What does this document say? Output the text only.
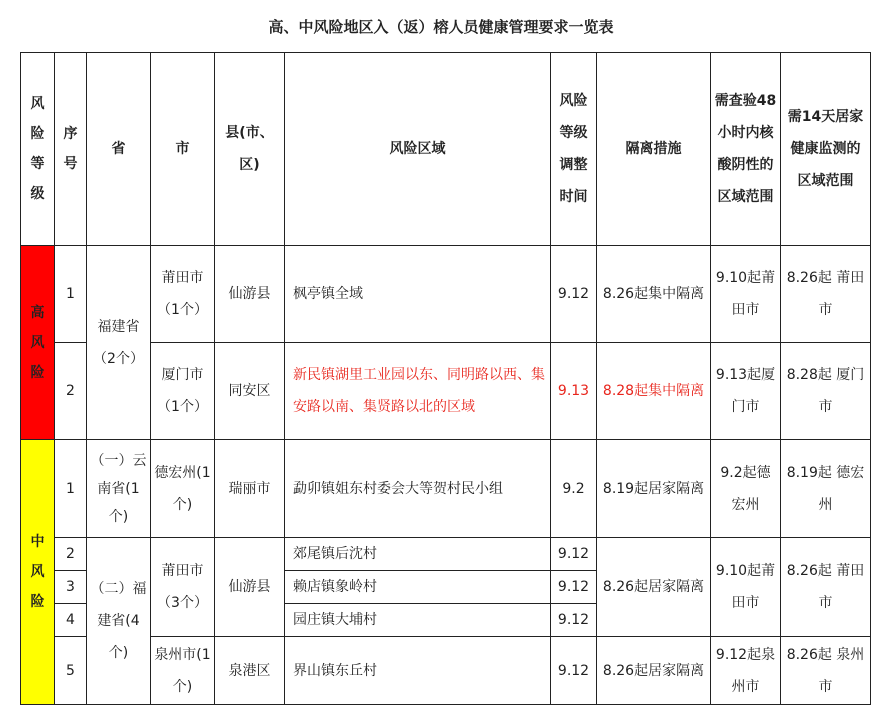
高、中风险地区入（返）榕人员健康管理要求一览表
风险等级	序号	省	市	县(市、区)	风险区域	风险等级调整时间	隔离措施	需查验48小时内核酸阴性的区域范围	需14天居家健康监测的区域范围

高风险	1	福建省（2个）	莆田市（1个）	仙游县	枫亭镇全域	9.12	8.26起集中隔离	9.10起莆田市	8.26起 莆田市
	2		厦门市（1个）	同安区	新民镇湖里工业园以东、同明路以西、集安路以南、集贤路以北的区域	9.13	8.28起集中隔离	9.13起厦门市	8.28起 厦门市

中风险	1	（一）云南省(1个)	德宏州(1个)	瑞丽市	勐卯镇姐东村委会大等贺村民小组	9.2	8.19起居家隔离	9.2起德宏州	8.19起 德宏州
	2	（二）福建省(4个)	莆田市（3个）	仙游县	郊尾镇后沈村	9.12	8.26起居家隔离	9.10起莆田市	8.26起 莆田市
	3				赖店镇象岭村	9.12			
	4				园庄镇大埔村	9.12			
	5		泉州市(1个)	泉港区	界山镇东丘村	9.12	8.26起居家隔离	9.12起泉州市	8.26起 泉州市
